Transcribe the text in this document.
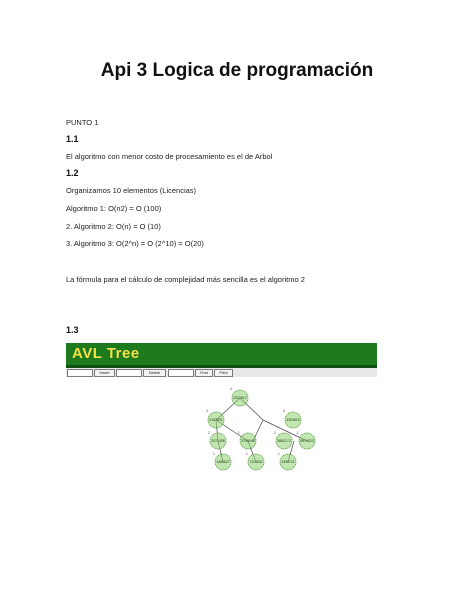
Api 3 Logica de programación
PUNTO 1
1.1
El algoritmo con menor costo de procesamiento es el de Arbol
1.2
Organizamos 10 elementos (Licencias)
Algoritmo 1: O(n2) = O (100)
2. Algoritmo 2: O(n) = O (10)
3. Algoritmo 3: O(2^n) = O (2^10) = O(20)
La fórmula para el cálculo de complejidad más sencilla es el algoritmo 2
1.3
AVL Tree
Insert	Delete	Find	Print
2022917
4
2187691
3
4393819
3
2071456
2
3708945
1
5882172
2
6974823
1
1484627
1
7114831
1
4396721
1
